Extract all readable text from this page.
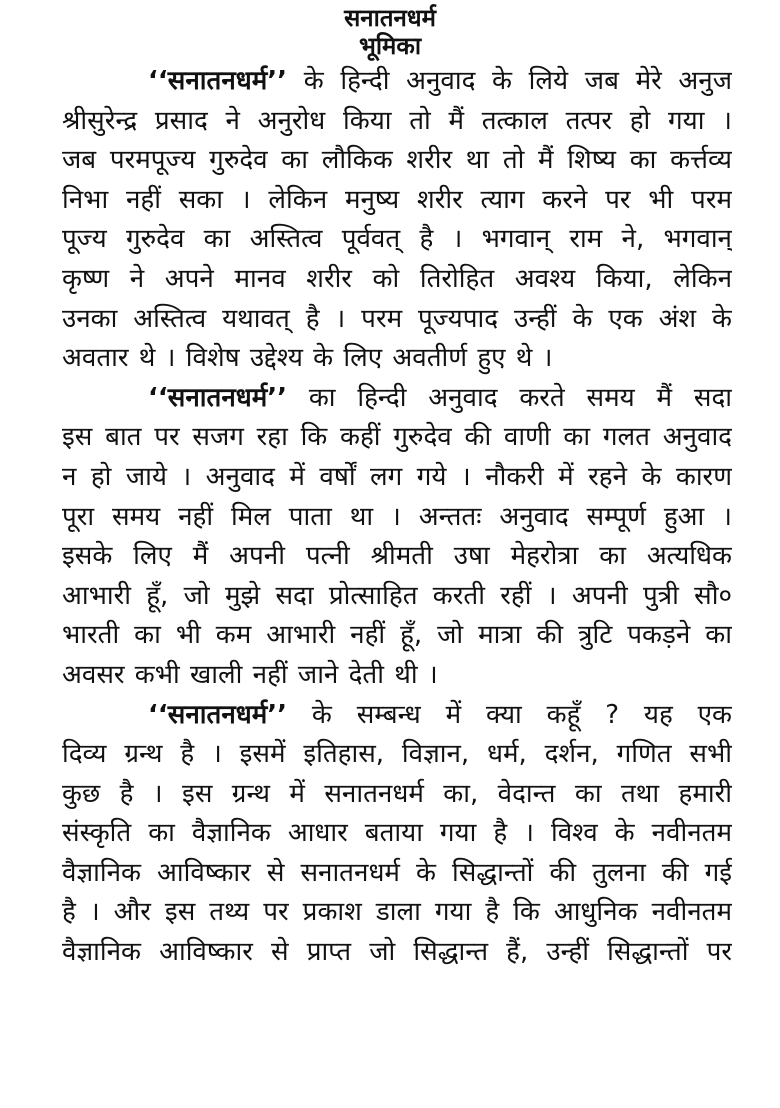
सनातनधर्म
भूमिका
‘‘सनातनधर्म’’ के हिन्दी अनुवाद के लिये जब मेरे अनुज
श्रीसुरेन्द्र प्रसाद ने अनुरोध किया तो मैं तत्काल तत्पर हो गया ।
जब परमपूज्य गुरुदेव का लौकिक शरीर था तो मैं शिष्य का कर्त्तव्य
निभा नहीं सका । लेकिन मनुष्य शरीर त्याग करने पर भी परम
पूज्य गुरुदेव का अस्तित्व पूर्ववत् है । भगवान् राम ने, भगवान्
कृष्ण ने अपने मानव शरीर को तिरोहित अवश्य किया, लेकिन
उनका अस्तित्व यथावत् है । परम पूज्यपाद उन्हीं के एक अंश के
अवतार थे । विशेष उद्देश्य के लिए अवतीर्ण हुए थे ।
‘‘सनातनधर्म’’ का हिन्दी अनुवाद करते समय मैं सदा
इस बात पर सजग रहा कि कहीं गुरुदेव की वाणी का गलत अनुवाद
न हो जाये । अनुवाद में वर्षों लग गये । नौकरी में रहने के कारण
पूरा समय नहीं मिल पाता था । अन्ततः अनुवाद सम्पूर्ण हुआ ।
इसके लिए मैं अपनी पत्नी श्रीमती उषा मेहरोत्रा का अत्यधिक
आभारी हूँ, जो मुझे सदा प्रोत्साहित करती रहीं । अपनी पुत्री सौ०
भारती का भी कम आभारी नहीं हूँ, जो मात्रा की त्रुटि पकड़ने का
अवसर कभी खाली नहीं जाने देती थी ।
‘‘सनातनधर्म’’ के सम्बन्ध में क्या कहूँ ? यह एक
दिव्य ग्रन्थ है । इसमें इतिहास, विज्ञान, धर्म, दर्शन, गणित सभी
कुछ है । इस ग्रन्थ में सनातनधर्म का, वेदान्त का तथा हमारी
संस्कृति का वैज्ञानिक आधार बताया गया है । विश्व के नवीनतम
वैज्ञानिक आविष्कार से सनातनधर्म के सिद्धान्तों की तुलना की गई
है । और इस तथ्य पर प्रकाश डाला गया है कि आधुनिक नवीनतम
वैज्ञानिक आविष्कार से प्राप्त जो सिद्धान्त हैं, उन्हीं सिद्धान्तों पर
